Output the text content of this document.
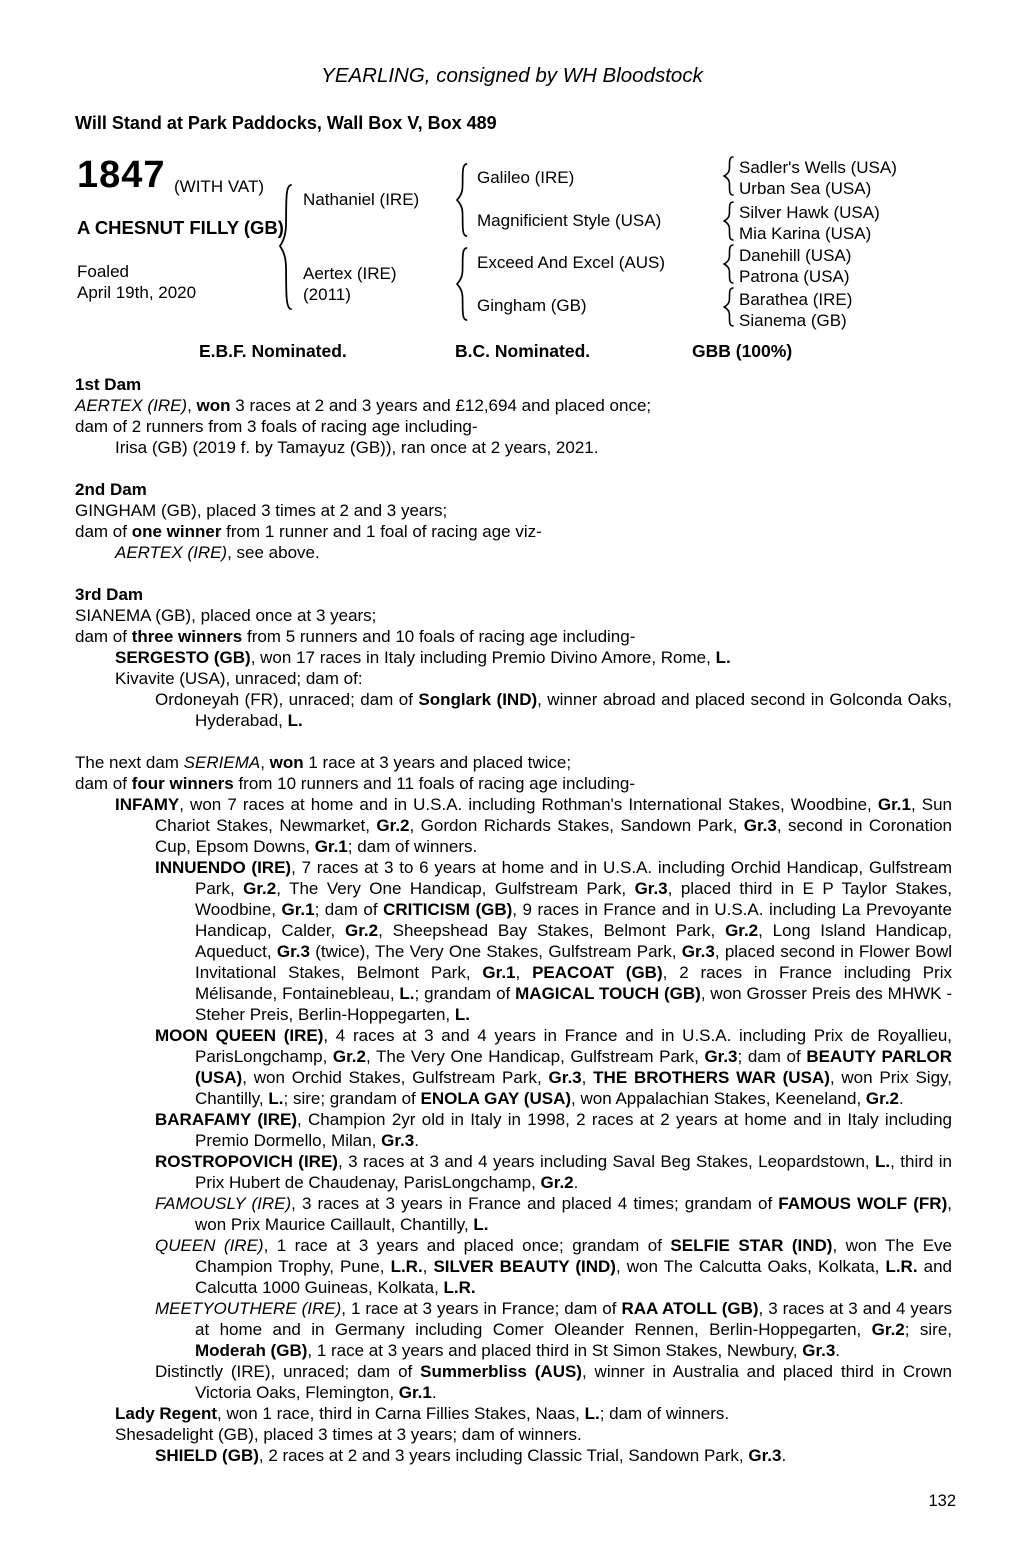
YEARLING, consigned by WH Bloodstock
Will Stand at Park Paddocks, Wall Box V, Box 489
1847 (WITH VAT)
A CHESNUT FILLY (GB)
Foaled
April 19th, 2020
Nathaniel (IRE)
Aertex (IRE)
(2011)
Galileo (IRE)
Magnificient Style (USA)
Exceed And Excel (AUS)
Gingham (GB)
Sadler's Wells (USA)
Urban Sea (USA)
Silver Hawk (USA)
Mia Karina (USA)
Danehill (USA)
Patrona (USA)
Barathea (IRE)
Sianema (GB)
E.B.F. Nominated.	B.C. Nominated.	GBB (100%)
1st Dam

AERTEX (IRE), won 3 races at 2 and 3 years and £12,694 and placed once;

dam of 2 runners from 3 foals of racing age including-

Irisa (GB) (2019 f. by Tamayuz (GB)), ran once at 2 years, 2021.

2nd Dam

GINGHAM (GB), placed 3 times at 2 and 3 years;

dam of one winner from 1 runner and 1 foal of racing age viz-

AERTEX (IRE), see above.

3rd Dam

SIANEMA (GB), placed once at 3 years;

dam of three winners from 5 runners and 10 foals of racing age including-

SERGESTO (GB), won 17 races in Italy including Premio Divino Amore, Rome, L.

Kivavite (USA), unraced; dam of:

Ordoneyah (FR), unraced; dam of Songlark (IND), winner abroad and placed second in Golconda Oaks, Hyderabad, L.

The next dam SERIEMA, won 1 race at 3 years and placed twice;

dam of four winners from 10 runners and 11 foals of racing age including-

INFAMY, won 7 races at home and in U.S.A. including Rothman's International Stakes, Woodbine, Gr.1, Sun Chariot Stakes, Newmarket, Gr.2, Gordon Richards Stakes, Sandown Park, Gr.3, second in Coronation Cup, Epsom Downs, Gr.1; dam of winners.

INNUENDO (IRE), 7 races at 3 to 6 years at home and in U.S.A. including Orchid Handicap, Gulfstream Park, Gr.2, The Very One Handicap, Gulfstream Park, Gr.3, placed third in E P Taylor Stakes, Woodbine, Gr.1; dam of CRITICISM (GB), 9 races in France and in U.S.A. including La Prevoyante Handicap, Calder, Gr.2, Sheepshead Bay Stakes, Belmont Park, Gr.2, Long Island Handicap, Aqueduct, Gr.3 (twice), The Very One Stakes, Gulfstream Park, Gr.3, placed second in Flower Bowl Invitational Stakes, Belmont Park, Gr.1, PEACOAT (GB), 2 races in France including Prix Mélisande, Fontainebleau, L.; grandam of MAGICAL TOUCH (GB), won Grosser Preis des MHWK - Steher Preis, Berlin-Hoppegarten, L.

MOON QUEEN (IRE), 4 races at 3 and 4 years in France and in U.S.A. including Prix de Royallieu, ParisLongchamp, Gr.2, The Very One Handicap, Gulfstream Park, Gr.3; dam of BEAUTY PARLOR (USA), won Orchid Stakes, Gulfstream Park, Gr.3, THE BROTHERS WAR (USA), won Prix Sigy, Chantilly, L.; sire; grandam of ENOLA GAY (USA), won Appalachian Stakes, Keeneland, Gr.2.

BARAFAMY (IRE), Champion 2yr old in Italy in 1998, 2 races at 2 years at home and in Italy including Premio Dormello, Milan, Gr.3.

ROSTROPOVICH (IRE), 3 races at 3 and 4 years including Saval Beg Stakes, Leopardstown, L., third in Prix Hubert de Chaudenay, ParisLongchamp, Gr.2.

FAMOUSLY (IRE), 3 races at 3 years in France and placed 4 times; grandam of FAMOUS WOLF (FR), won Prix Maurice Caillault, Chantilly, L.

QUEEN (IRE), 1 race at 3 years and placed once; grandam of SELFIE STAR (IND), won The Eve Champion Trophy, Pune, L.R., SILVER BEAUTY (IND), won The Calcutta Oaks, Kolkata, L.R. and Calcutta 1000 Guineas, Kolkata, L.R.

MEETYOUTHERE (IRE), 1 race at 3 years in France; dam of RAA ATOLL (GB), 3 races at 3 and 4 years at home and in Germany including Comer Oleander Rennen, Berlin-Hoppegarten, Gr.2; sire, Moderah (GB), 1 race at 3 years and placed third in St Simon Stakes, Newbury, Gr.3.

Distinctly (IRE), unraced; dam of Summerbliss (AUS), winner in Australia and placed third in Crown Victoria Oaks, Flemington, Gr.1.

Lady Regent, won 1 race, third in Carna Fillies Stakes, Naas, L.; dam of winners.

Shesadelight (GB), placed 3 times at 3 years; dam of winners.

SHIELD (GB), 2 races at 2 and 3 years including Classic Trial, Sandown Park, Gr.3.

132
